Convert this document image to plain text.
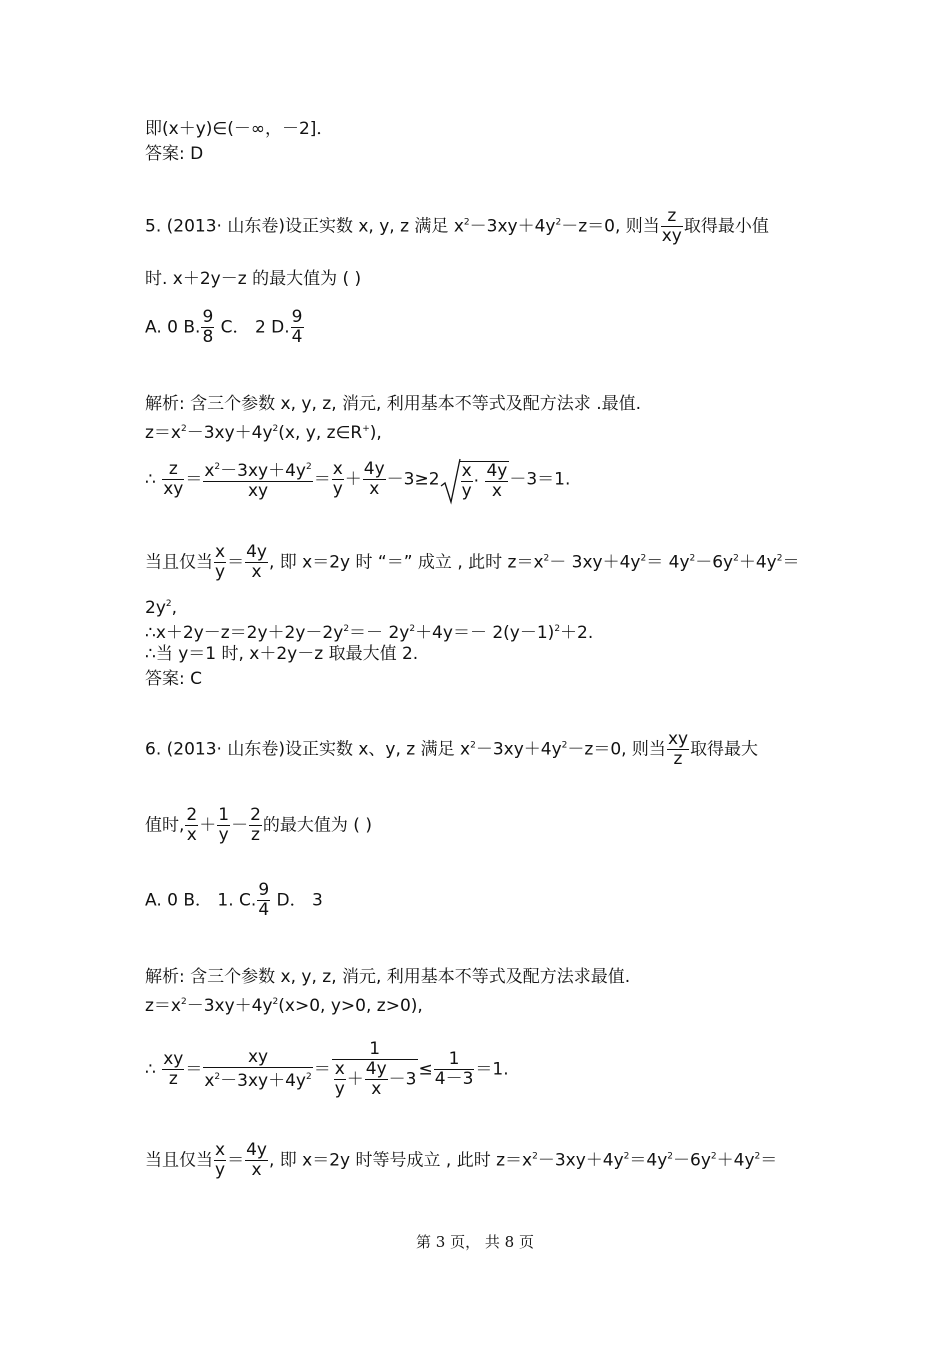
即(x＋y)∈(－∞，－2]．
答案: D
5. (2013· 山东卷)设正实数 x, y, z 满足 $x^2-3xy+4y^2-z=0$, 则当 $\frac{z}{xy}$ 取得最小值
时. x＋2y－z 的最大值为 ( )
A. 0 B. $\frac{9}{8}$ C． 2 D. $\frac{9}{4}$
解析: 含三个参数 x, y, z, 消元, 利用基本不等式及配方法求 .最值.
$z=x^2-3xy+4y^2(x$, y, z∈R+),
∴ $\frac{z}{xy} = \frac{x^2-3xy+4y^2}{xy} = \frac{x}{y} + \frac{4y}{x} -3\ge 2 \frac{x}{y} \cdot \frac{4y}{x} -3=1$.
当且仅当 $\frac{x}{y} = \frac{4y}{x}$ , 即 x＝2y 时 “＝” 成立 , 此时 $z=x^2- 3xy+4y^2= 4y^2-6y^2+4y^2=$
$2y^2$,
$\therefore x+2y-z=2y+2y-2y^2=- 2y^2+4y=- 2(y-1)^2+2$.
∴当 y＝1 时, x＋2y－z 取最大值 2.
答案: C
6. (2013· 山东卷)设正实数 x、y, z 满足 $x^2-3xy+4y^2-z=0$, 则当 $\frac{xy}{z}$ 取得最大
值时, $\frac{2}{x} + \frac{1}{y} - \frac{2}{z}$ 的最大值为 ( )
A. 0 B． 1. C. $\frac{9}{4}$ D． 3
解析: 含三个参数 x, y, z, 消元, 利用基本不等式及配方法求最值.
$z=x^2-3xy+4y^2(x>0$, y>0, z>0),
∴ $\frac{xy}{z} = \frac{xy}{x^2-3xy+4y^2} = \frac{1}{\frac{x}{y} + \frac{4y}{x} -3} \le \frac{1}{4-3} =1$.
当且仅当 $\frac{x}{y} = \frac{4y}{x}$ , 即 x＝2y 时等号成立 , 此时 $z=x^2-3xy+4y^2=4y^2-6y^2+4y^2=$
第 3 页， 共 8 页
